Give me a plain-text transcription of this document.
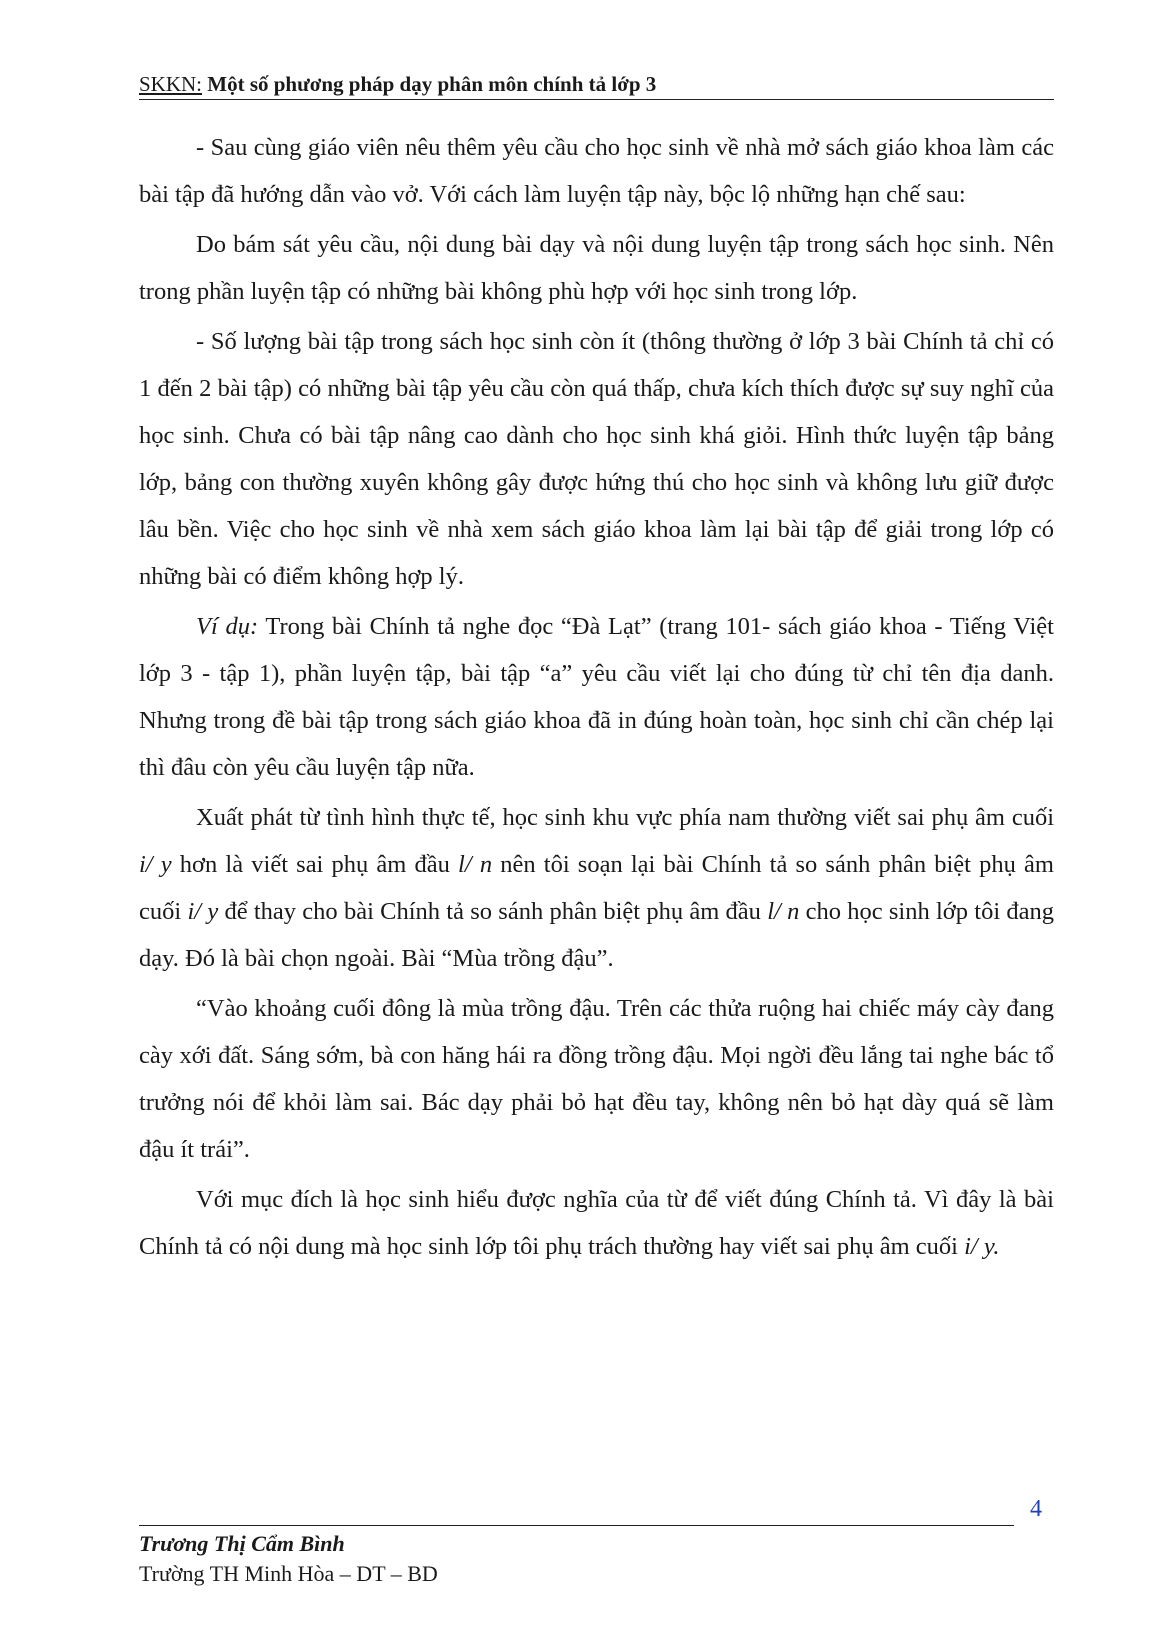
SKKN: Một số phương pháp dạy phân môn chính tả lớp 3

- Sau cùng giáo viên nêu thêm yêu cầu cho học sinh về nhà mở sách giáo khoa làm các bài tập đã hướng dẫn vào vở. Với cách làm luyện tập này, bộc lộ những hạn chế sau:

Do bám sát yêu cầu, nội dung bài dạy và nội dung luyện tập trong sách học sinh. Nên trong phần luyện tập có những bài không phù hợp với học sinh trong lớp.

- Số lượng bài tập trong sách học sinh còn ít (thông thường ở lớp 3 bài Chính tả chỉ có 1 đến 2 bài tập) có những bài tập yêu cầu còn quá thấp, chưa kích thích được sự suy nghĩ của học sinh. Chưa có bài tập nâng cao dành cho học sinh khá giỏi. Hình thức luyện tập bảng lớp, bảng con thường xuyên không gây được hứng thú cho học sinh và không lưu giữ được lâu bền. Việc cho học sinh về nhà xem sách giáo khoa làm lại bài tập để giải trong lớp có những bài có điểm không hợp lý.

Ví dụ: Trong bài Chính tả nghe đọc “Đà Lạt” (trang 101- sách giáo khoa - Tiếng Việt lớp 3 - tập 1), phần luyện tập, bài tập “a” yêu cầu viết lại cho đúng từ chỉ tên địa danh. Nhưng trong đề bài tập trong sách giáo khoa đã in đúng hoàn toàn, học sinh chỉ cần chép lại thì đâu còn yêu cầu luyện tập nữa.

Xuất phát từ tình hình thực tế, học sinh khu vực phía nam thường viết sai phụ âm cuối i/ y hơn là viết sai phụ âm đầu l/ n nên tôi soạn lại bài Chính tả so sánh phân biệt phụ âm cuối i/ y để thay cho bài Chính tả so sánh phân biệt phụ âm đầu l/ n cho học sinh lớp tôi đang dạy. Đó là bài chọn ngoài. Bài “Mùa trồng đậu”.

“Vào khoảng cuối đông là mùa trồng đậu. Trên các thửa ruộng hai chiếc máy cày đang cày xới đất. Sáng sớm, bà con hăng hái ra đồng trồng đậu. Mọi ngời đều lắng tai nghe bác tổ trưởng nói để khỏi làm sai. Bác dạy phải bỏ hạt đều tay, không nên bỏ hạt dày quá sẽ làm đậu ít trái”.

Với mục đích là học sinh hiểu được nghĩa của từ để viết đúng Chính tả. Vì đây là bài Chính tả có nội dung mà học sinh lớp tôi phụ trách thường hay viết sai phụ âm cuối i/ y.

4
Trương Thị Cẩm Bình
Trường TH Minh Hòa – DT – BD
